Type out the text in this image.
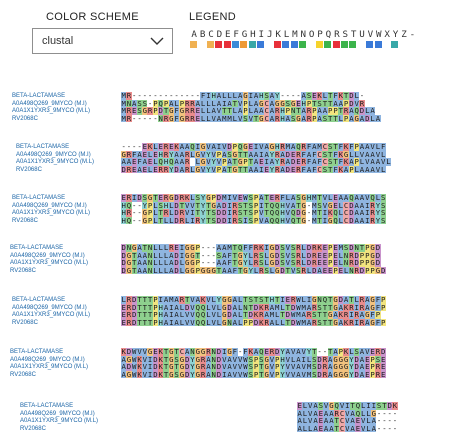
COLOR SCHEME	LEGEND
clustal
A B C D E F G H I J K L M N O P Q R S T U V W X Y Z -
BETA-LACTAMASE
A0A498Q269_9MYCO (M.I)
A0A1X1YXR3_9MYCO (M.L)
RV2068C
M R - - - - - - - - - - - - - F I H A L L L A G I A H S A Y - - - - A S E K L T F K T D L -
M N A S S - P Q P A L P R R A L L L A I A T V P L A G C A G G S G E H P T S T T A A P D V R
M R E S G R P D T G F G R R E L L A V T T L A P L A A C A R H P N T A R P A A P P T R A Q D L A
M R - - - - - N R G F G R R E L L V A M M L V S V T G C A R H A S G A R P A S T T L P A G A D L A
BETA-LACTAMASE
A0A498Q269_9MYCO (M.I)
A0A1X1YXR3_9MYCO (M.L)
RV2068C
- - - - E K L E R E K A A Q I G V A I V D P Q G E I V A G H R M A Q R F A M C S T F K F P A A V L F
G R F A E L E H R Y A A R L G V Y V P A S G T T A A I A Y R A D E R F A F C S T F K G L L V A A V L
A A E F A E L Q H Q A A R L G V Y V P A T G P T A E I A Y R A D E R F A F C S T F K A P L V A A V L
D R E A E L E R R Y D A R L G V Y V P A T G T T A A I E Y R A D E R F A F C S T F K A P L A A A V L
BETA-LACTAMASE
A0A498Q269_9MYCO (M.I)
A0A1X1YXR3_9MYCO (M.L)
RV2068C
E R I D S G T E R G D R K L S Y G P D M I V E W S P A T E R F L A S G H M T V L E A A Q A A V Q L S
H Q - - Y P L S H L D T V V T Y T G A D I R S T S P I T Q Q H V A T G - M S V G E L C D A A I R Y S
H R - - G P L T R L D R V I T Y T S D D I R S T S P V T Q Q H V Q D G - M T I K Q L C D A A I R Y S
H Q - - G P L T L L D R L I R Y T S D D I R S I S P V A Q Q H V Q T G - M T I G Q L C D A A I R Y S
BETA-LACTAMASE
A0A498Q269_9MYCO (M.I)
A0A1X1YXR3_9MYCO (M.L)
RV2068C
D N G A T N L L L R E I G G P - - - A A M T Q F F R K I G D S V S R L D R K E P E M S D N T P G D
D G T A A N L L L A D I G G T - - - S A F T G Y L R S L G D S V S R L D R E E P E L N R D P P G D
D G T A A N L L L A D L G G P - - - A A F T G Y L R S L G D S V S R L D R E E P E L N R D P P G D
D G T A A N L L L A D L G G P G G G T A A F T G Y L R S L G D T V S R L D A E E P E L N R D P P G D
BETA-LACTAMASE
A0A498Q269_9MYCO (M.I)
A0A1X1YXR3_9MYCO (M.L)
RV2068C
L R D T T T P I A M A R T V A K V L Y G G A L T S T S T H T I E R W L I G N Q T G D A T L R A G F P
E R D T T T P H A I A L D V Q Q L V L G D A L N T D K R A M L T D W M A R S T T G A K R I R A G F P
E R D T T T P H A I A L V V Q Q L V L G D A L T D K R A M L T D W M A R S T T G A K R I R A G F P
E R D T T T P H A I A L V V Q Q L V L G N A L P P D K R A L L T D W M A R S T T G A K R I R A G F P
BETA-LACTAMASE
A0A498Q269_9MYCO (M.I)
A0A1X1YXR3_9MYCO (M.L)
RV2068C
K D W V V G E K T G T C A N G G R N D I G F - F K A Q E R D Y A V A V Y T - - T A P K L S A V E R D
A G W K V I D K T G S G D Y G R A N D V A V V W S P S G V P H V L A I L S D R A G G G Y D A E P S E
A D W K V I D K T G T G D Y G R A N D V A V V W S P T G V P Y V V A V M S D R A G G G Y D A E P R E
A G W K V I D K T G S G D Y G R A N D I A V V W S P T G V P Y V V A V M S D R A G G G Y D A E P R E
BETA-LACTAMASE
A0A498Q269_9MYCO (M.I)
A0A1X1YXR3_9MYCO (M.L)
RV2068C
E L V A S V G Q V I T Q L I I S T D K
A L V A E A A R C V A Q L L G - - - -
A L V A E A A T C V A E V L A - - - -
A L L A E A A T C V A E V L A - - - -
